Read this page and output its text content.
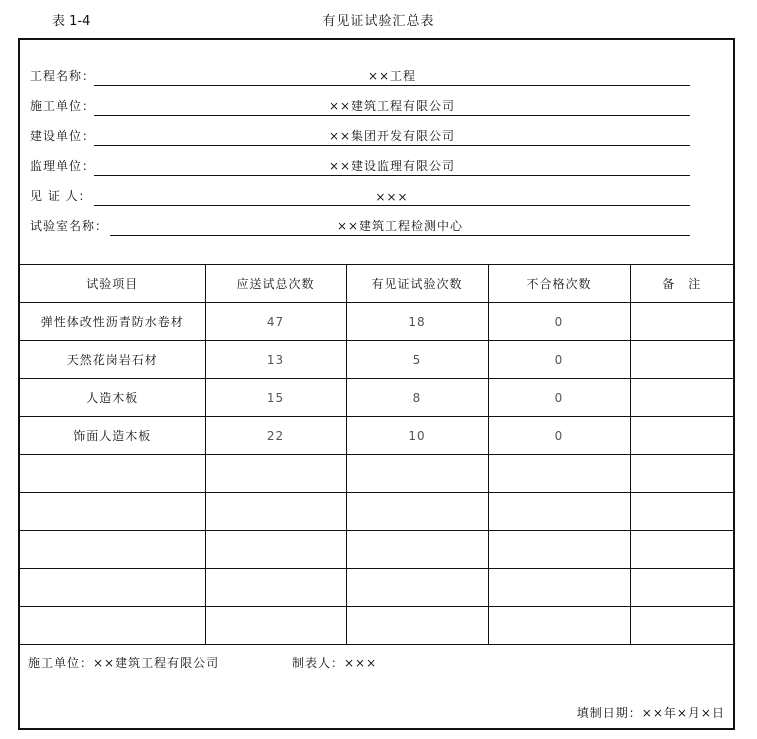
表 1-4	有见证试验汇总表
工程名称：	××工程
施工单位：	××建筑工程有限公司
建设单位：	××集团开发有限公司
监理单位：	××建设监理有限公司
见 证 人：	×××
试验室名称：	××建筑工程检测中心
试验项目	应送试总次数	有见证试验次数	不合格次数	备　注
弹性体改性沥青防水卷材	47	18	0	
天然花岗岩石材	13	5	0	
人造木板	15	8	0	
饰面人造木板	22	10	0	

施工单位：××建筑工程有限公司	制表人：×××
填制日期：××年×月×日
